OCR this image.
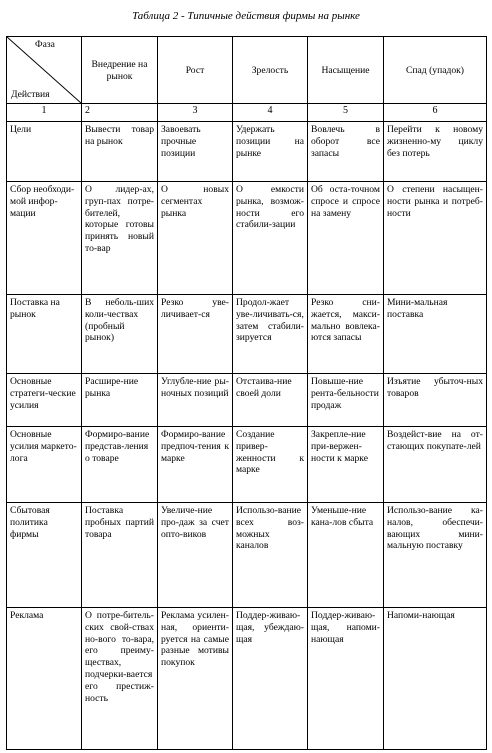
Таблица 2 - Типичные действия фирмы на рынке
Фаза
Действия	Внедрение на рынок	Рост	Зрелость	Насыщение	Спад (упадок)
1	2	3	4	5	6
Цели	Вывести товар на рынок	Завоевать прочные позиции	Удержать позиции на рынке	Вовлечь в оборот все запасы	Перейти к новому жизненно-му циклу без потерь
Сбор необходи-мой инфор-мации	О лидер-ах, груп-пах потре-бителей, которые готовы принять новый то-вар	О новых сегментах рынка	О емкости рынка, возмож-ности его стабили-зации	Об оста-точном спросе и спросе на замену	О степени насыщен-ности рынка и потреб-ности
Поставка на рынок	В неболь-ших коли-чествах (пробный рынок)	Резко уве-личивает-ся	Продол-жает уве-личивать-ся, затем стабили-зируется	Резко сни-жается, макси-мально вовлека-ются запасы	Мини-мальная поставка
Основные стратеги-ческие усилия	Расшире-ние рынка	Углубле-ние ры-ночных позиций	Отстаива-ние своей доли	Повыше-ние рента-бельности продаж	Изъятие убыточ-ных товаров
Основные усилия маркето-лога	Формиро-вание представ-ления о товаре	Формиро-вание предпоч-тения к марке	Создание привер-женности к марке	Закрепле-ние при-вержен-ности к марке	Воздейст-вие на от-стающих покупате-лей
Сбытовая политика фирмы	Поставка пробных партий товара	Увеличе-ние про-даж за счет опто-виков	Использо-вание всех воз-можных каналов	Уменьше-ние кана-лов сбыта	Использо-вание ка-налов, обеспечи-вающих мини-мальную поставку
Реклама	О потре-битель-ских свой-ствах но-вого то-вара, его преиму-ществах, подчерки-вается его престиж-ность	Реклама усилен-ная, ориенти-руется на самые разные мотивы покупок	Поддер-живаю-щая, убеждаю-щая	Поддер-живаю-щая, напоми-нающая	Напоми-нающая
